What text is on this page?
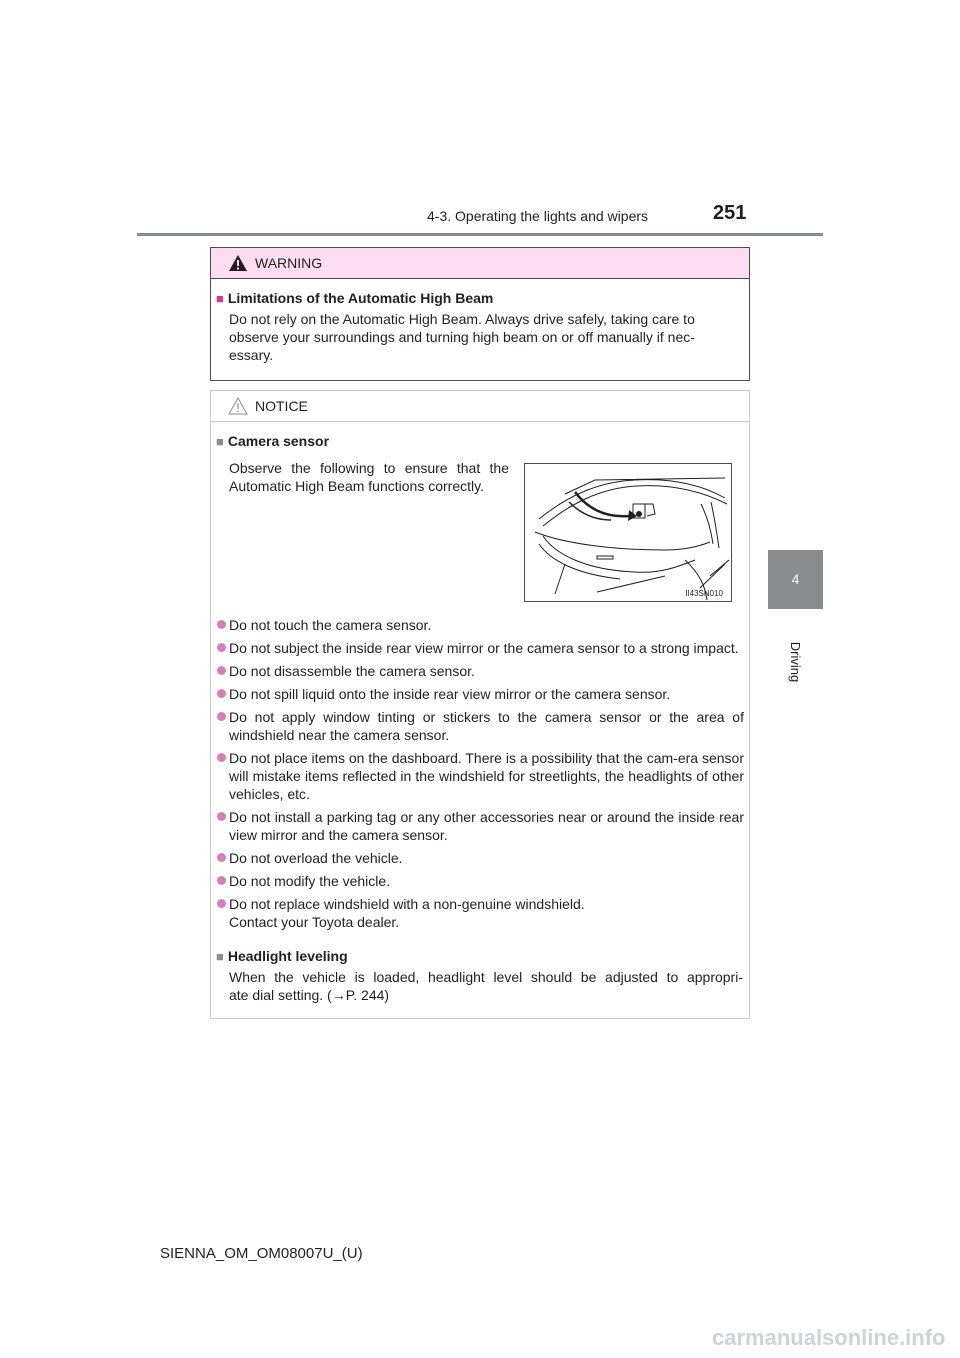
4-3. Operating the lights and wipers	251
4
Driving
WARNING
■ Limitations of the Automatic High Beam
Do not rely on the Automatic High Beam. Always drive safely, taking care to
observe your surroundings and turning high beam on or off manually if nec-
essary.
NOTICE
■ Camera sensor
Observe the following to ensure that the
Automatic High Beam functions correctly.
II43SN010
Do not touch the camera sensor.
Do not subject the inside rear view mirror or the camera sensor to a strong impact.
Do not disassemble the camera sensor.
Do not spill liquid onto the inside rear view mirror or the camera sensor.
Do not apply window tinting or stickers to the camera sensor or the area of windshield near the camera sensor.
Do not place items on the dashboard. There is a possibility that the cam-era sensor will mistake items reflected in the windshield for streetlights, the headlights of other vehicles, etc.
Do not install a parking tag or any other accessories near or around the inside rear view mirror and the camera sensor.
Do not overload the vehicle.
Do not modify the vehicle.
Do not replace windshield with a non-genuine windshield.
Contact your Toyota dealer.
■ Headlight leveling
When the vehicle is loaded, headlight level should be adjusted to appropri-
ate dial setting. (→P. 244)
SIENNA_OM_OM08007U_(U)
carmanualsonline.info
